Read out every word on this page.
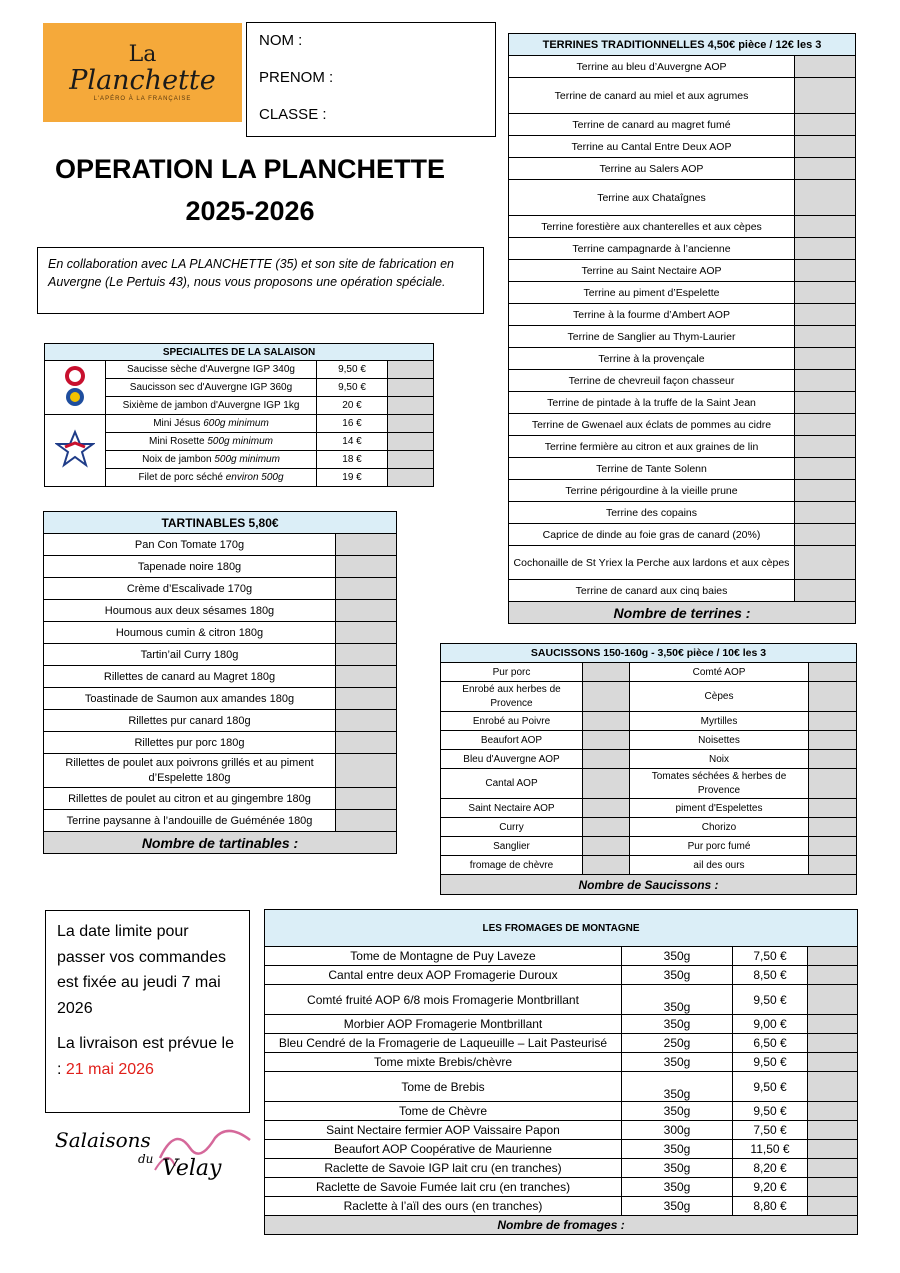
La
Planchette
L'APÉRO À LA FRANÇAISE
NOM :
PRENOM :
CLASSE :
OPERATION LA PLANCHETTE
2025-2026
En collaboration avec LA PLANCHETTE (35) et son site de fabrication en Auvergne (Le Pertuis 43), nous vous proposons une opération spéciale.
SPECIALITES DE LA SALAISON			
	Saucisse sèche d'Auvergne IGP 340g	9,50 €	
	Saucisson sec d'Auvergne IGP 360g	9,50 €	
	Sixième de jambon d'Auvergne IGP 1kg	20 €	
	Mini Jésus 600g minimum	16 €	
	Mini Rosette 500g minimum	14 €	
	Noix de jambon 500g minimum	18 €	
	Filet de porc séché environ 500g	19 €	
TARTINABLES 5,80€	
Pan Con Tomate 170g	
Tapenade noire 180g	
Crème d’Escalivade 170g	
Houmous aux deux sésames 180g	
Houmous cumin & citron 180g	
Tartin’ail Curry 180g	
Rillettes de canard au Magret 180g	
Toastinade de Saumon aux amandes 180g	
Rillettes pur canard 180g	
Rillettes pur porc 180g	
Rillettes de poulet aux poivrons grillés et au piment d’Espelette 180g	
Rillettes de poulet au citron et au gingembre 180g	
Terrine paysanne à l’andouille de Guéménée 180g	
Nombre de tartinables :	
TERRINES TRADITIONNELLES 4,50€ pièce / 12€ les 3	
Terrine au bleu d’Auvergne AOP	
Terrine de canard au miel et aux agrumes	
Terrine de canard au magret fumé	
Terrine au Cantal Entre Deux AOP	
Terrine au Salers AOP	
Terrine aux Chataîgnes	
Terrine forestière aux chanterelles et aux cèpes	
Terrine campagnarde à l’ancienne	
Terrine au Saint Nectaire AOP	
Terrine au piment d’Espelette	
Terrine à la fourme d’Ambert AOP	
Terrine de Sanglier au Thym-Laurier	
Terrine à la provençale	
Terrine de chevreuil façon chasseur	
Terrine de pintade à la truffe de la Saint Jean	
Terrine de Gwenael aux éclats de pommes au cidre	
Terrine fermière au citron et aux graines de lin	
Terrine de Tante Solenn	
Terrine périgourdine à la vieille prune	
Terrine des copains	
Caprice de dinde au foie gras de canard (20%)	
Cochonaille de St Yriex la Perche aux lardons et aux cèpes	
Terrine de canard aux cinq baies	
Nombre de terrines :	
SAUCISSONS 150-160g - 3,50€ pièce / 10€ les 3			
Pur porc		Comté AOP	
Enrobé aux herbes de Provence		Cèpes	
Enrobé au Poivre		Myrtilles	
Beaufort AOP		Noisettes	
Bleu d'Auvergne AOP		Noix	
Cantal AOP		Tomates séchées & herbes de Provence	
Saint Nectaire AOP		piment d'Espelettes	
Curry		Chorizo	
Sanglier		Pur porc fumé	
fromage de chèvre		ail des ours	
Nombre de Saucissons :			
La date limite pour passer vos commandes est fixée au jeudi 7 mai 2026
La livraison est prévue le : 21 mai 2026
Salaisons
du Velay
LES FROMAGES DE MONTAGNE			
Tome de Montagne de Puy Laveze	350g	7,50 €	
Cantal entre deux AOP Fromagerie Duroux	350g	8,50 €	
Comté fruité AOP 6/8 mois Fromagerie Montbrillant	350g	9,50 €	
Morbier AOP Fromagerie Montbrillant	350g	9,00 €	
Bleu Cendré de la Fromagerie de Laqueuille – Lait Pasteurisé	250g	6,50 €	
Tome mixte Brebis/chèvre	350g	9,50 €	
Tome de Brebis	350g	9,50 €	
Tome de Chèvre	350g	9,50 €	
Saint Nectaire fermier AOP Vaissaire Papon	300g	7,50 €	
Beaufort AOP Coopérative de Maurienne	350g	11,50 €	
Raclette de Savoie IGP lait cru (en tranches)	350g	8,20 €	
Raclette de Savoie Fumée lait cru (en tranches)	350g	9,20 €	
Raclette à l’aïl des ours (en tranches)	350g	8,80 €	
Nombre de fromages :			
